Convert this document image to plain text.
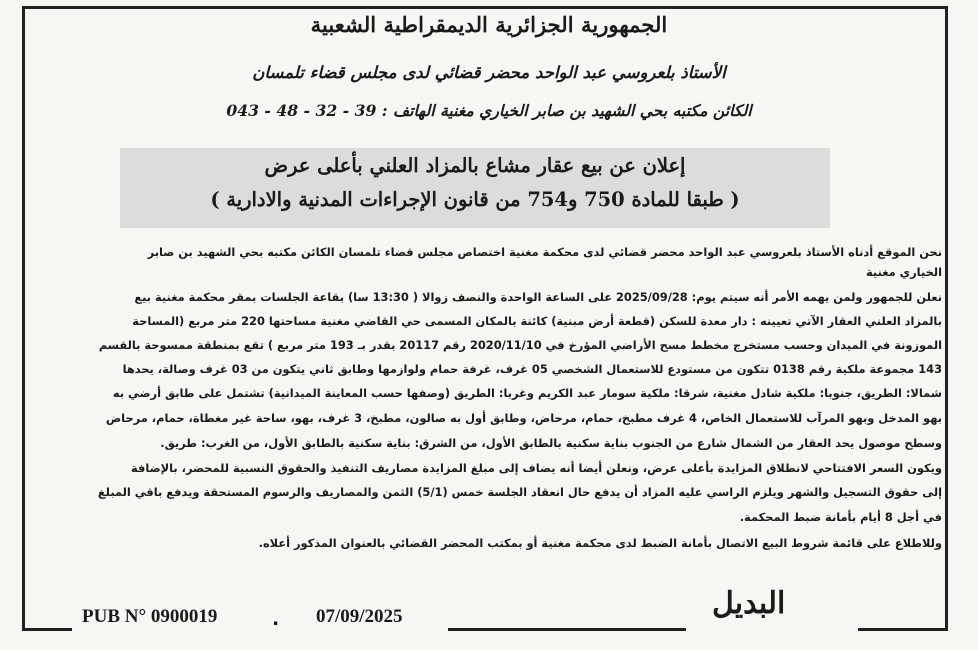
الجمهورية الجزائرية الديمقراطية الشعبية
الأستاذ بلعروسي عبد الواحد محضر قضائي لدى مجلس قضاء تلمسان
الكائن مكتبه بحي الشهيد بن صابر الخياري مغنية الهاتف : 39 - 32 - 48 - 043
إعلان عن بيع عقار مشاع بالمزاد العلني بأعلى عرض
( طبقا للمادة 750 و754 من قانون الإجراءات المدنية والادارية )
نحن الموقع أدناه الأستاذ بلعروسي عبد الواحد محضر قضائي لدى محكمة مغنية اختصاص مجلس قضاء تلمسان الكائن مكتبه بحي الشهيد بن صابر
الخياري مغنية
نعلن للجمهور ولمن يهمه الأمر أنه سيتم يوم: 2025/09/28 على الساعة الواحدة والنصف زوالا ( 13:30 سا) بقاعة الجلسات بمقر محكمة مغنية بيع
بالمزاد العلني العقار الآتي تعيينه : دار معدة للسكن (قطعة أرض مبنية) كائنة بالمكان المسمى حي القاضي مغنية مساحتها 220 متر مربع (المساحة
الموزونة في الميدان وحسب مستخرج مخطط مسح الأراضي المؤرخ في 2020/11/10 رقم 20117 بقدر بـ 193 متر مربع ) تقع بمنطقة ممسوحة بالقسم
143 مجموعة ملكية رقم 0138 تتكون من مستودع للاستعمال الشخصي 05 غرف، غرفة حمام ولوازمها وطابق ثاني يتكون من 03 غرف وصالة، يحدها
شمالا: الطريق، جنوبا: ملكية شادل مغنية، شرقا: ملكية سومار عبد الكريم وغربا: الطريق (وصفها حسب المعاينة الميدانية) تشتمل على طابق أرضي به
بهو المدخل وبهو المرآب للاستعمال الخاص، 4 غرف مطبخ، حمام، مرحاض، وطابق أول به صالون، مطبخ، 3 غرف، بهو، ساحة غير مغطاة، حمام، مرحاض
وسطح موصول يحد العقار من الشمال شارع من الجنوب بناية سكنية بالطابق الأول، من الشرق: بناية سكنية بالطابق الأول، من الغرب: طريق.
ويكون السعر الافتتاحي لانطلاق المزايدة بأعلى عرض، ونعلن أيضا أنه يضاف إلى مبلغ المزايدة مصاريف التنفيذ والحقوق النسبية للمحضر، بالإضافة
إلى حقوق التسجيل والشهر ويلزم الراسي عليه المزاد أن يدفع حال انعقاد الجلسة خمس (5/1) الثمن والمصاريف والرسوم المستحقة ويدفع باقي المبلغ
في أجل 8 أيام بأمانة ضبط المحكمة.
وللاطلاع على قائمة شروط البيع الاتصال بأمانة الضبط لدى محكمة مغنية أو بمكتب المحضر القضائي بالعنوان المذكور أعلاه.
PUB N° 0900019	. 07/09/2025	البديل
